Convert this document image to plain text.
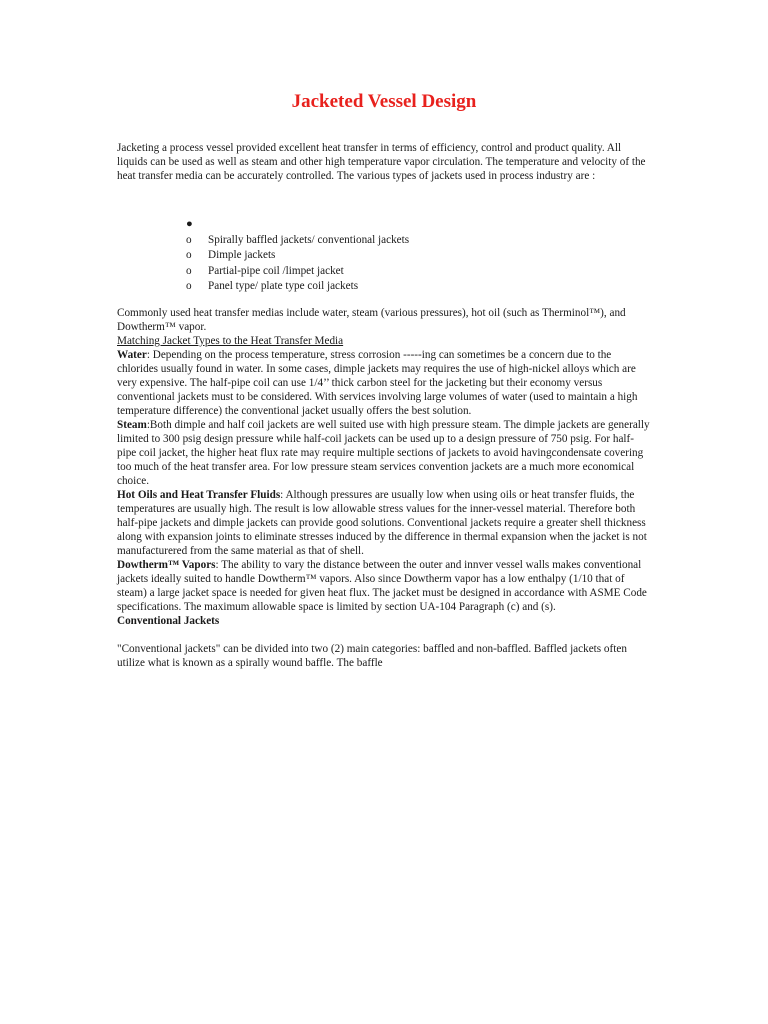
Jacketed Vessel Design

Jacketing a process vessel provided excellent heat transfer in terms of efficiency, control and product quality. All liquids can be used as well as steam and other high temperature vapor circulation. The temperature and velocity of the heat transfer media can be accurately controlled. The various types of jackets used in process industry are :

●
o	Spirally baffled jackets/ conventional jackets
o	Dimple jackets
o	Partial-pipe coil /limpet jacket
o	Panel type/ plate type coil jackets

Commonly used heat transfer medias include water, steam (various pressures), hot oil (such as Therminol™), and Dowtherm™ vapor.

Matching Jacket Types to the Heat Transfer Media

Water: Depending on the process temperature, stress corrosion -----ing can sometimes be a concern due to the chlorides usually found in water. In some cases, dimple jackets may requires the use of high-nickel alloys which are very expensive. The half-pipe coil can use 1/4’’ thick carbon steel for the jacketing but their economy versus conventional jackets must to be considered. With services involving large volumes of water (used to maintain a high temperature difference) the conventional jacket usually offers the best solution.

Steam:Both dimple and half coil jackets are well suited use with high pressure steam. The dimple jackets are generally limited to 300 psig design pressure while half-coil jackets can be used up to a design pressure of 750 psig. For half-pipe coil jacket, the higher heat flux rate may require multiple sections of jackets to avoid havingcondensate covering too much of the heat transfer area. For low pressure steam services convention jackets are a much more economical choice.

Hot Oils and Heat Transfer Fluids: Although pressures are usually low when using oils or heat transfer fluids, the temperatures are usually high. The result is low allowable stress values for the inner-vessel material. Therefore both half-pipe jackets and dimple jackets can provide good solutions. Conventional jackets require a greater shell thickness along with expansion joints to eliminate stresses induced by the difference in thermal expansion when the jacket is not manufacturered from the same material as that of shell.

Dowtherm™ Vapors: The ability to vary the distance between the outer and innver vessel walls makes conventional jackets ideally suited to handle Dowtherm™ vapors. Also since Dowtherm vapor has a low enthalpy (1/10 that of steam) a large jacket space is needed for given heat flux. The jacket must be designed in accordance with ASME Code specifications. The maximum allowable space is limited by section UA-104 Paragraph (c) and (s).

Conventional Jackets

"Conventional jackets" can be divided into two (2) main categories: baffled and non-baffled. Baffled jackets often utilize what is known as a spirally wound baffle. The baffle
